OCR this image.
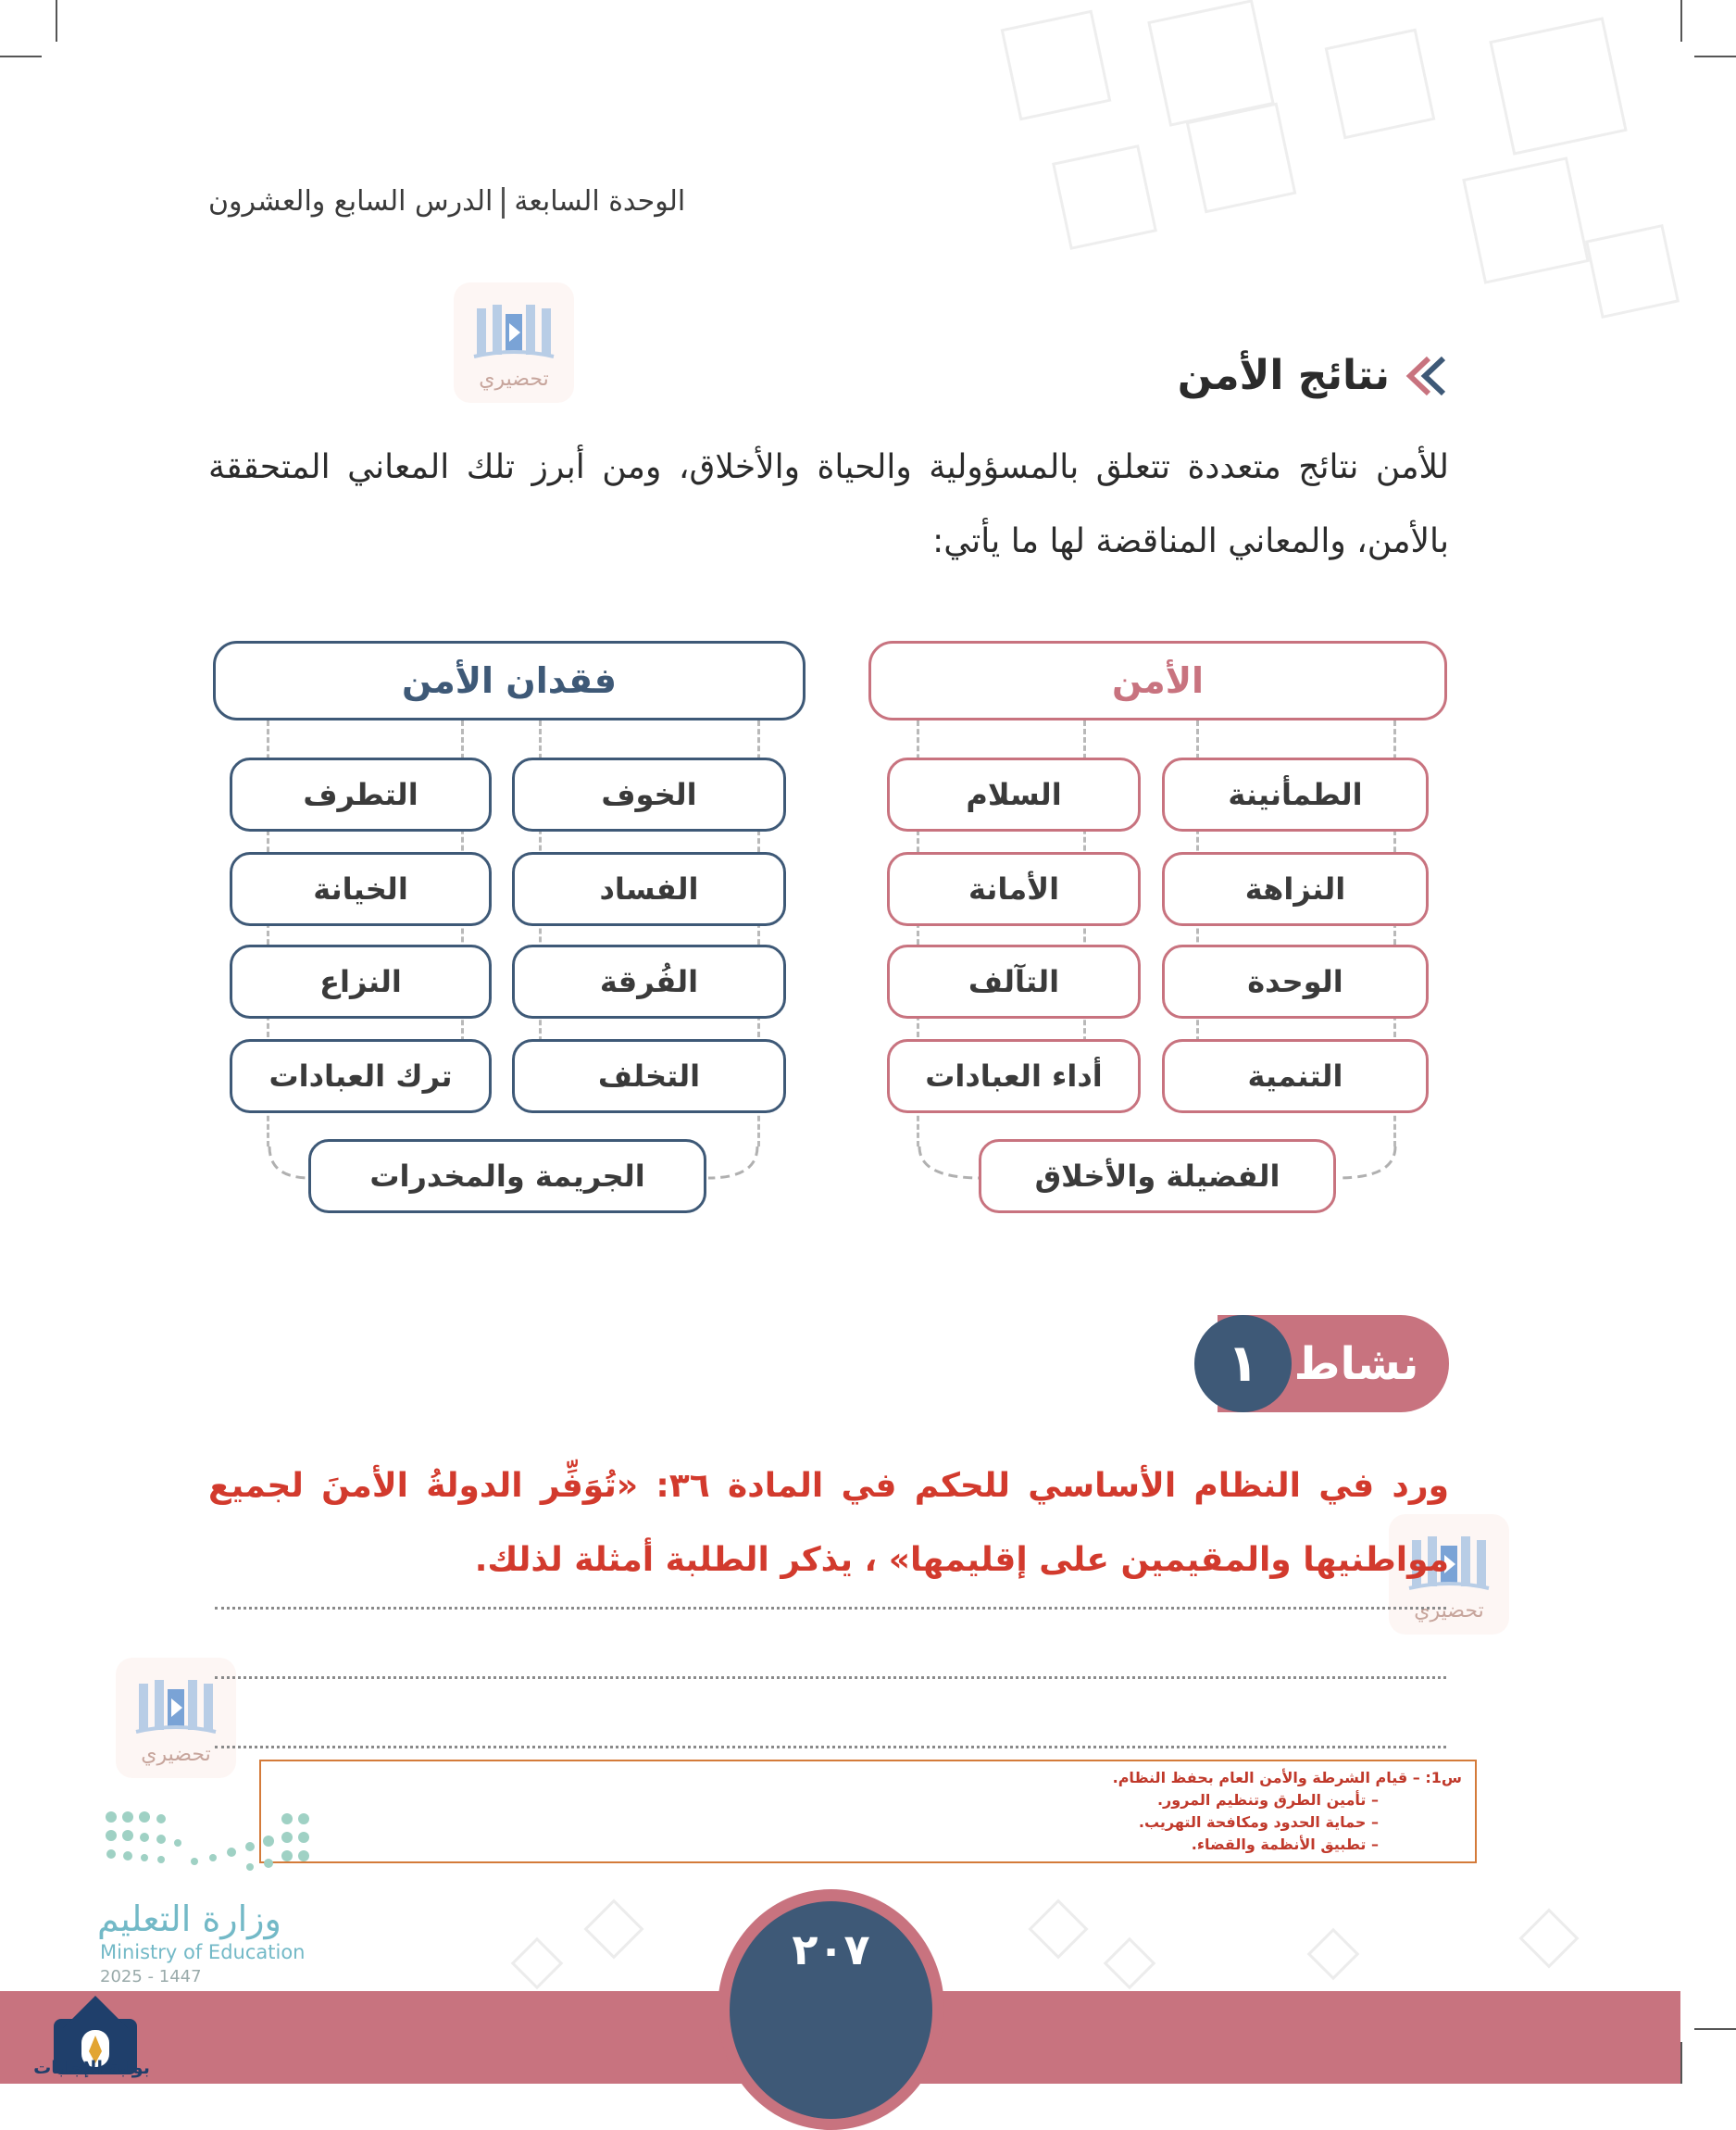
الوحدة السابعةالدرس السابع والعشرون
تحضيري
تحضيري
تحضيري
نتائج الأمن
للأمن نتائج متعددة تتعلق بالمسؤولية والحياة والأخلاق، ومن أبرز تلك المعاني المتحققة بالأمن، والمعاني المناقضة لها ما يأتي:
الأمن
الطمأنينة
السلام
النزاهة
الأمانة
الوحدة
التآلف
التنمية
أداء العبادات
الفضيلة والأخلاق
فقدان الأمن
الخوف
التطرف
الفساد
الخيانة
الفُرقة
النزاع
التخلف
ترك العبادات
الجريمة والمخدرات
نشاط
١
ورد في النظام الأساسي للحكم في المادة ٣٦: «تُوَفِّر الدولةُ الأمنَ لجميع مواطنيها والمقيمين على إقليمها» ، يذكر الطلبة أمثلة لذلك.
س1: – قيام الشرطة والأمن العام بحفظ النظام.
– تأمين الطرق وتنظيم المرور.
– حماية الحدود ومكافحة التهريب.
– تطبيق الأنظمة والقضاء.
وزارة التعليم
Ministry of Education
2025 - 1447
٢٠٧
بوابة الإجابات
